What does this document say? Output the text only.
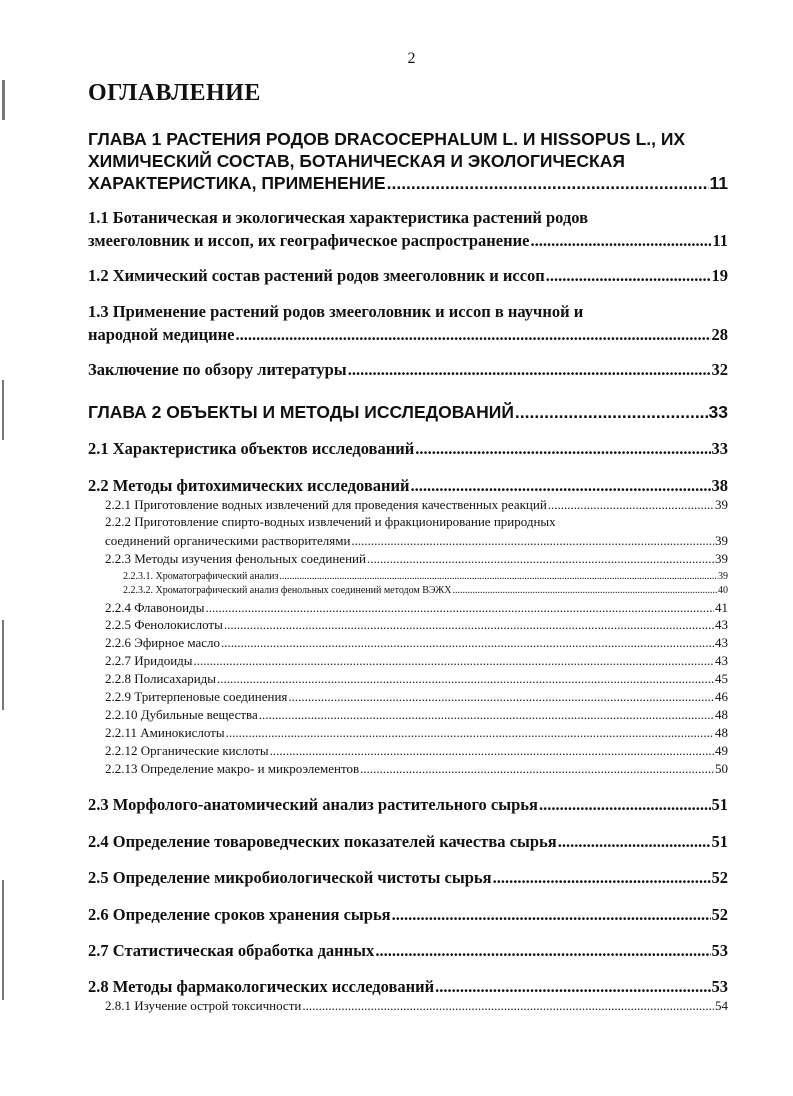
2
ОГЛАВЛЕНИЕ
ГЛАВА 1 РАСТЕНИЯ РОДОВ DRACOCEPHALUM L. И HISSOPUS L., ИХ
ХИМИЧЕСКИЙ СОСТАВ, БОТАНИЧЕСКАЯ И ЭКОЛОГИЧЕСКАЯ
ХАРАКТЕРИСТИКА, ПРИМЕНЕНИЕ .....	11
1.1 Ботаническая и экологическая характеристика растений родов
змееголовник и иссоп, их географическое распространение .....	11
1.2 Химический состав растений родов змееголовник и иссоп .....	19
1.3 Применение растений родов змееголовник и иссоп в научной и
народной медицине .....	28
Заключение по обзору литературы .....	32
ГЛАВА 2 ОБЪЕКТЫ И МЕТОДЫ ИССЛЕДОВАНИЙ .....	33
2.1 Характеристика объектов исследований .....	33
2.2 Методы фитохимических исследований .....	38
2.2.1 Приготовление водных извлечений для проведения качественных реакций .....	39
2.2.2 Приготовление спирто-водных извлечений и фракционирование природных
соединений органическими растворителями .....	39
2.2.3 Методы изучения фенольных соединений .....	39
2.2.3.1. Хроматографический анализ .....	39
2.2.3.2. Хроматографический анализ фенольных соединений методом ВЭЖХ .....	40
2.2.4 Флавоноиды .....	41
2.2.5 Фенолокислоты .....	43
2.2.6 Эфирное масло .....	43
2.2.7 Иридоиды .....	43
2.2.8 Полисахариды .....	45
2.2.9 Тритерпеновые соединения .....	46
2.2.10 Дубильные вещества .....	48
2.2.11 Аминокислоты .....	48
2.2.12 Органические кислоты .....	49
2.2.13 Определение макро- и микроэлементов .....	50
2.3 Морфолого-анатомический анализ растительного сырья .....	51
2.4 Определение товароведческих показателей качества сырья .....	51
2.5 Определение микробиологической чистоты сырья .....	52
2.6 Определение сроков хранения сырья .....	52
2.7 Статистическая обработка данных .....	53
2.8 Методы фармакологических исследований .....	53
2.8.1 Изучение острой токсичности .....	54
